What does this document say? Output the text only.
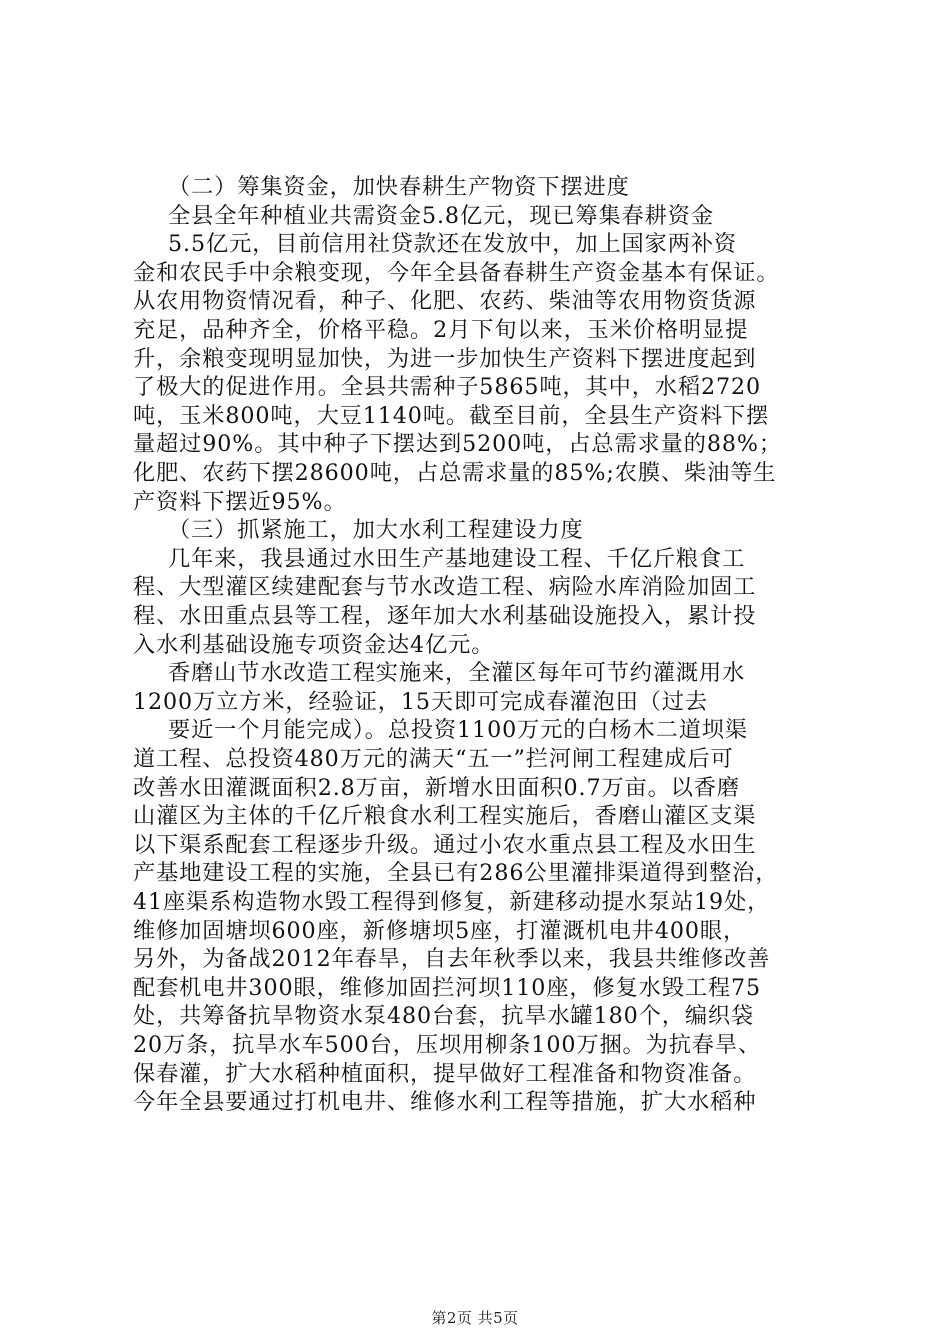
（二）筹集资金，加快春耕生产物资下摆进度
全县全年种植业共需资金5.8亿元，现已筹集春耕资金
5.5亿元，目前信用社贷款还在发放中，加上国家两补资
金和农民手中余粮变现，今年全县备春耕生产资金基本有保证。
从农用物资情况看，种子、化肥、农药、柴油等农用物资货源
充足，品种齐全，价格平稳。2月下旬以来，玉米价格明显提
升，余粮变现明显加快，为进一步加快生产资料下摆进度起到
了极大的促进作用。全县共需种子5865吨，其中，水稻2720
吨，玉米800吨，大豆1140吨。截至目前，全县生产资料下摆
量超过90%。其中种子下摆达到5200吨，占总需求量的88%；
化肥、农药下摆28600吨，占总需求量的85%;农膜、柴油等生
产资料下摆近95%。
（三）抓紧施工，加大水利工程建设力度
几年来，我县通过水田生产基地建设工程、千亿斤粮食工
程、大型灌区续建配套与节水改造工程、病险水库消险加固工
程、水田重点县等工程，逐年加大水利基础设施投入，累计投
入水利基础设施专项资金达4亿元。
香磨山节水改造工程实施来，全灌区每年可节约灌溉用水
1200万立方米，经验证，15天即可完成春灌泡田（过去
要近一个月能完成）。总投资1100万元的白杨木二道坝渠
道工程、总投资480万元的满天“五一”拦河闸工程建成后可
改善水田灌溉面积2.8万亩，新增水田面积0.7万亩。以香磨
山灌区为主体的千亿斤粮食水利工程实施后，香磨山灌区支渠
以下渠系配套工程逐步升级。通过小农水重点县工程及水田生
产基地建设工程的实施，全县已有286公里灌排渠道得到整治，
41座渠系构造物水毁工程得到修复，新建移动提水泵站19处，
维修加固塘坝600座，新修塘坝5座，打灌溉机电井400眼，
另外，为备战2012年春旱，自去年秋季以来，我县共维修改善
配套机电井300眼，维修加固拦河坝110座，修复水毁工程75
处，共筹备抗旱物资水泵480台套，抗旱水罐180个，编织袋
20万条，抗旱水车500台，压坝用柳条100万捆。为抗春旱、
保春灌，扩大水稻种植面积，提早做好工程准备和物资准备。
今年全县要通过打机电井、维修水利工程等措施，扩大水稻种
第2页 共5页
